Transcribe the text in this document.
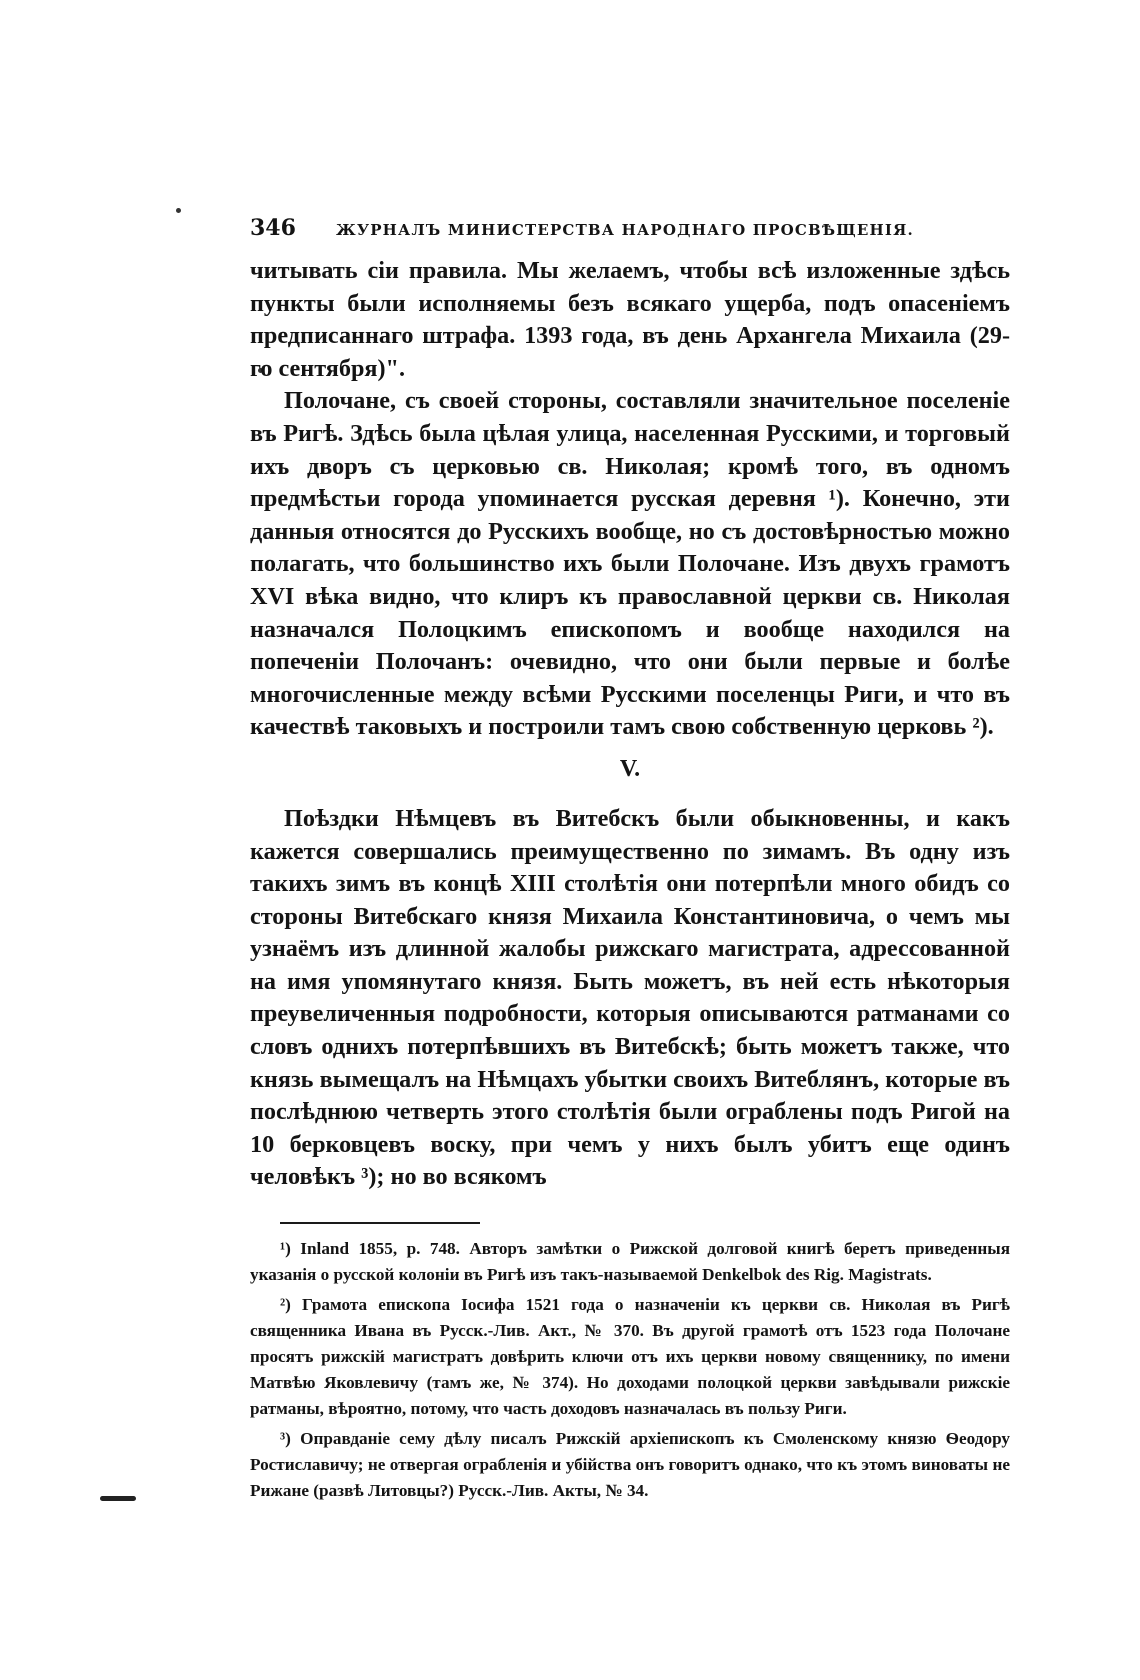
346	ЖУРНАЛЪ МИНИСТЕРСТВА НАРОДНАГО ПРОСВѢЩЕНІЯ.

читывать сіи правила. Мы желаемъ, чтобы всѣ изложенные здѣсь пункты были исполняемы безъ всякаго ущерба, подъ опасеніемъ предписаннаго штрафа. 1393 года, въ день Архангела Михаила (29-го сентября)".

Полочане, съ своей стороны, составляли значительное поселеніе въ Ригѣ. Здѣсь была цѣлая улица, населенная Русскими, и торговый ихъ дворъ съ церковью св. Николая; кромѣ того, въ одномъ предмѣстьи города упоминается русская деревня ¹). Конечно, эти данныя относятся до Русскихъ вообще, но съ достовѣрностью можно полагать, что большинство ихъ были Полочане. Изъ двухъ грамотъ XVI вѣка видно, что клиръ къ православной церкви св. Николая назначался Полоцкимъ епископомъ и вообще находился на попеченіи Полочанъ: очевидно, что они были первые и болѣе многочисленные между всѣми Русскими поселенцы Риги, и что въ качествѣ таковыхъ и построили тамъ свою собственную церковь ²).

V.

Поѣздки Нѣмцевъ въ Витебскъ были обыкновенны, и какъ кажется совершались преимущественно по зимамъ. Въ одну изъ такихъ зимъ въ концѣ XIII столѣтія они потерпѣли много обидъ со стороны Витебскаго князя Михаила Константиновича, о чемъ мы узнаёмъ изъ длинной жалобы рижскаго магистрата, адрессованной на имя упомянутаго князя. Быть можетъ, въ ней есть нѣкоторыя преувеличенныя подробности, которыя описываются ратманами со словъ однихъ потерпѣвшихъ въ Витебскѣ; быть можетъ также, что князь вымещалъ на Нѣмцахъ убытки своихъ Витеблянъ, которые въ послѣднюю четверть этого столѣтія были ограблены подъ Ригой на 10 берковцевъ воску, при чемъ у нихъ былъ убитъ еще одинъ человѣкъ ³); но во всякомъ

¹) Inland 1855, p. 748. Авторъ замѣтки о Рижской долговой книгѣ беретъ приведенныя указанія о русской колоніи въ Ригѣ изъ такъ-называемой Denkelbok des Rig. Magistrats.

²) Грамота епископа Іосифа 1521 года о назначеніи къ церкви св. Николая въ Ригѣ священника Ивана въ Русск.-Лив. Акт., № 370. Въ другой грамотѣ отъ 1523 года Полочане просятъ рижскій магистратъ довѣрить ключи отъ ихъ церкви новому священнику, по имени Матвѣю Яковлевичу (тамъ же, № 374). Но доходами полоцкой церкви завѣдывали рижскіе ратманы, вѣроятно, потому, что часть доходовъ назначалась въ пользу Риги.

³) Оправданіе сему дѣлу писалъ Рижскій архіепископъ къ Смоленскому князю Ѳеодору Ростиславичу; не отвергая ограбленія и убійства онъ говоритъ однако, что къ этомъ виноваты не Рижане (развѣ Литовцы?) Русск.-Лив. Акты, № 34.
